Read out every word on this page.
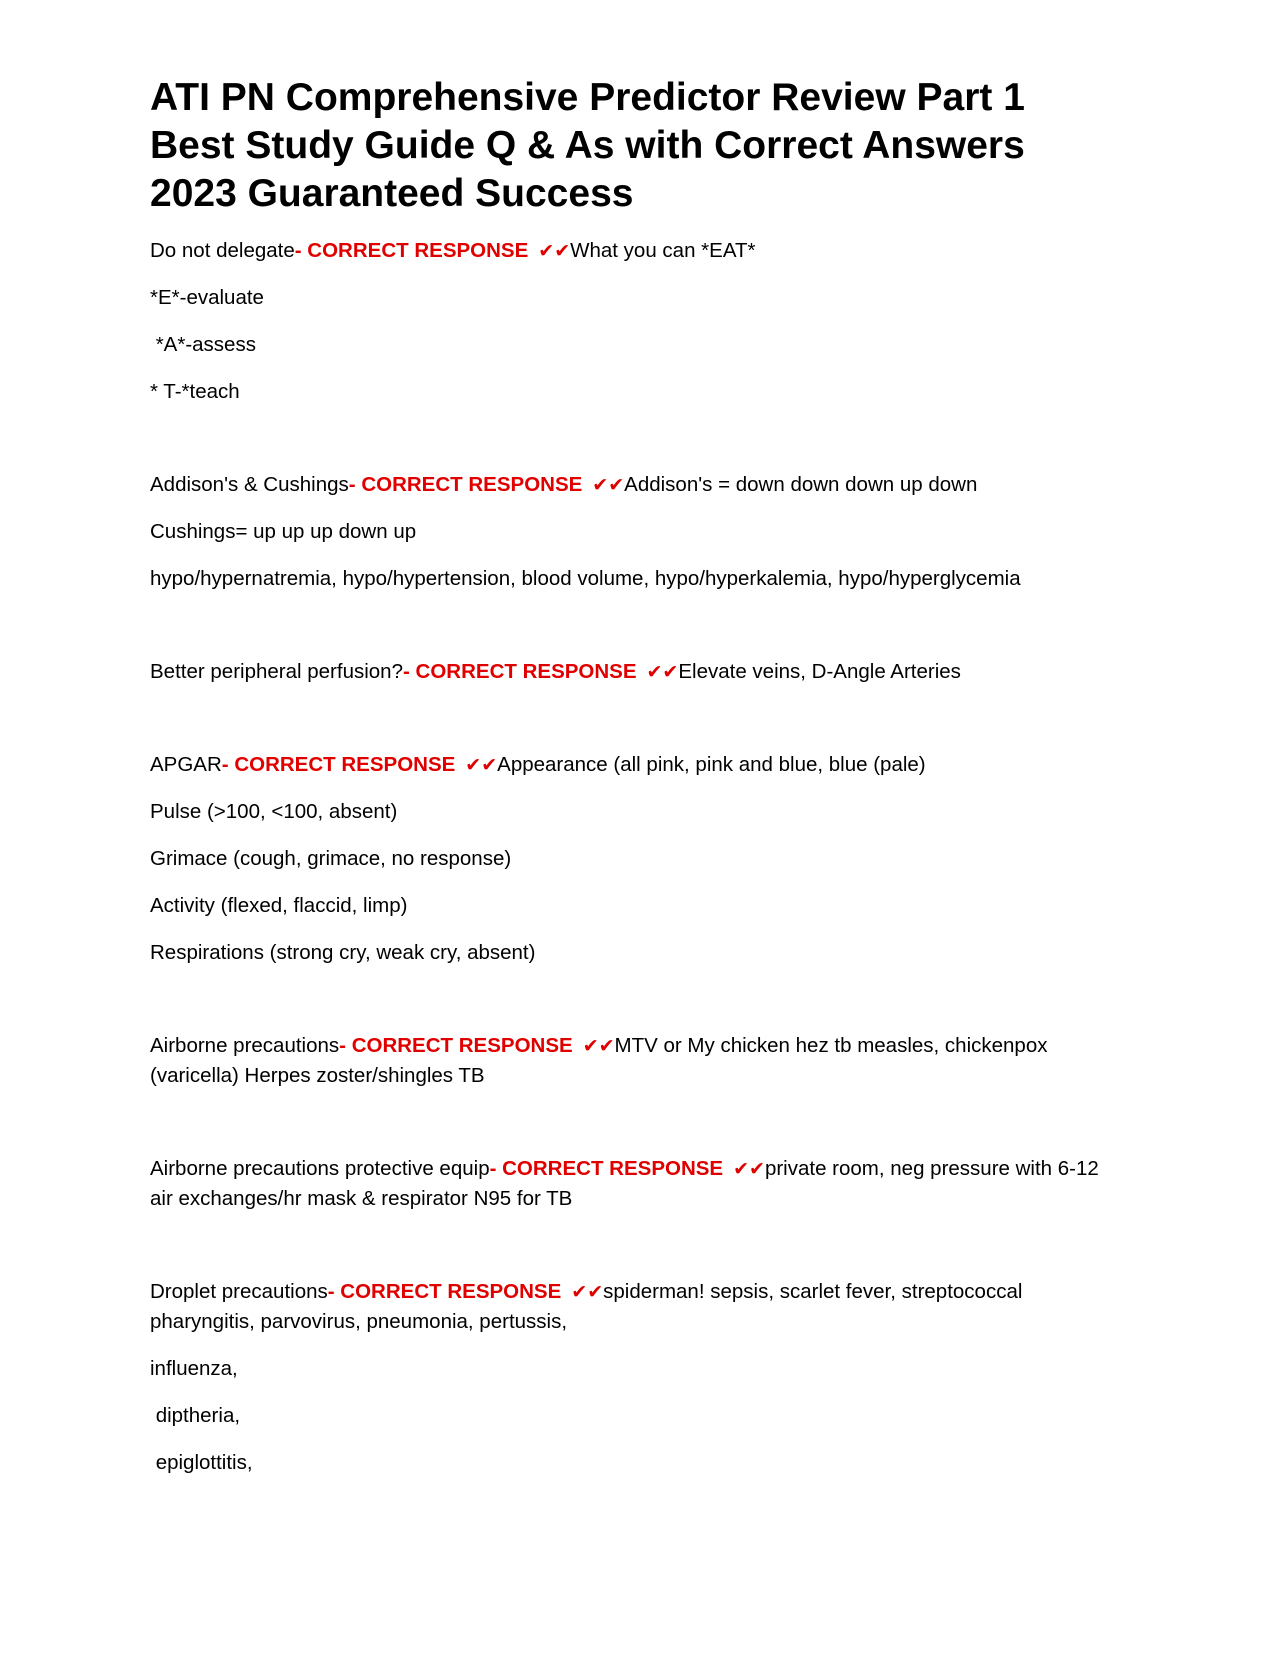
ATI PN Comprehensive Predictor Review Part 1 Best Study Guide Q & As with Correct Answers 2023 Guaranteed Success
Do not delegate- CORRECT RESPONSE ✔✔What you can *EAT*
*E*-evaluate
*A*-assess
* T-*teach
Addison's & Cushings- CORRECT RESPONSE ✔✔Addison's = down down down up down
Cushings= up up up down up
hypo/hypernatremia, hypo/hypertension, blood volume, hypo/hyperkalemia, hypo/hyperglycemia
Better peripheral perfusion?- CORRECT RESPONSE ✔✔Elevate veins, D-Angle Arteries
APGAR- CORRECT RESPONSE ✔✔Appearance (all pink, pink and blue, blue (pale)
Pulse (>100, <100, absent)
Grimace (cough, grimace, no response)
Activity (flexed, flaccid, limp)
Respirations (strong cry, weak cry, absent)
Airborne precautions- CORRECT RESPONSE ✔✔MTV or My chicken hez tb measles, chickenpox (varicella) Herpes zoster/shingles TB
Airborne precautions protective equip- CORRECT RESPONSE ✔✔private room, neg pressure with 6-12 air exchanges/hr mask & respirator N95 for TB
Droplet precautions- CORRECT RESPONSE ✔✔spiderman! sepsis, scarlet fever, streptococcal pharyngitis, parvovirus, pneumonia, pertussis,
influenza,
diptheria,
epiglottitis,
